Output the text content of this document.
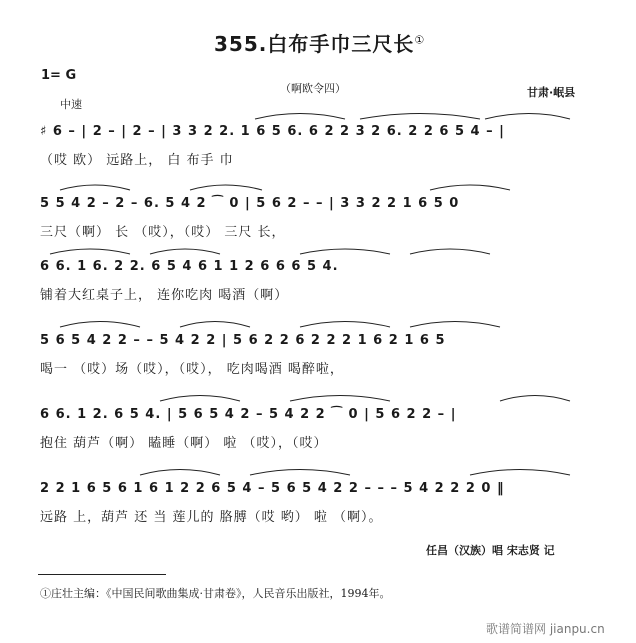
355.白布手巾三尺长①
1= G
（啊欧令四）	甘肃·岷县
中速
♯ 6 – | 2 – | 2 – | 3 3 2 2. 1 6 5 6. 6 2 2 3 2 6. 2 2 6 5 4 – |
（哎 欧） 远路上， 白 布手 巾
5 5 4 2 – 2 – 6. 5 4 2 ⁀ 0 | 5 6 2 – – | 3 3 2 2 1 6 5 0
三尺（啊） 长 （哎），（哎） 三尺 长，
6 6. 1 6. 2 2. 6 5 4 6 1 1 2 6 6 6 5 4.
铺着大红桌子上， 连你吃肉 喝酒（啊）
5 6 5 4 2 2 – – 5 4 2 2 | 5 6 2 2 6 2 2 2 1 6 2 1 6 5
喝一 （哎）场（哎），（哎）， 吃肉喝酒 喝醉啦，
6 6. 1 2. 6 5 4. | 5 6 5 4 2 – 5 4 2 2 ⁀ 0 | 5 6 2 2 – |
抱住 葫芦（啊） 瞌睡（啊） 啦 （哎），（哎）
2 2 1 6 5 6 1 6 1 2 2 6 5 4 – 5 6 5 4 2 2 – – – 5 4 2 2 2 0 ‖
远路 上，葫芦 还 当 莲儿的 胳膊（哎 哟） 啦 （啊）。
任昌（汉族）唱 宋志贤 记
①庄壮主编：《中国民间歌曲集成·甘肃卷》，人民音乐出版社，1994年。
歌谱简谱网 jianpu.cn
